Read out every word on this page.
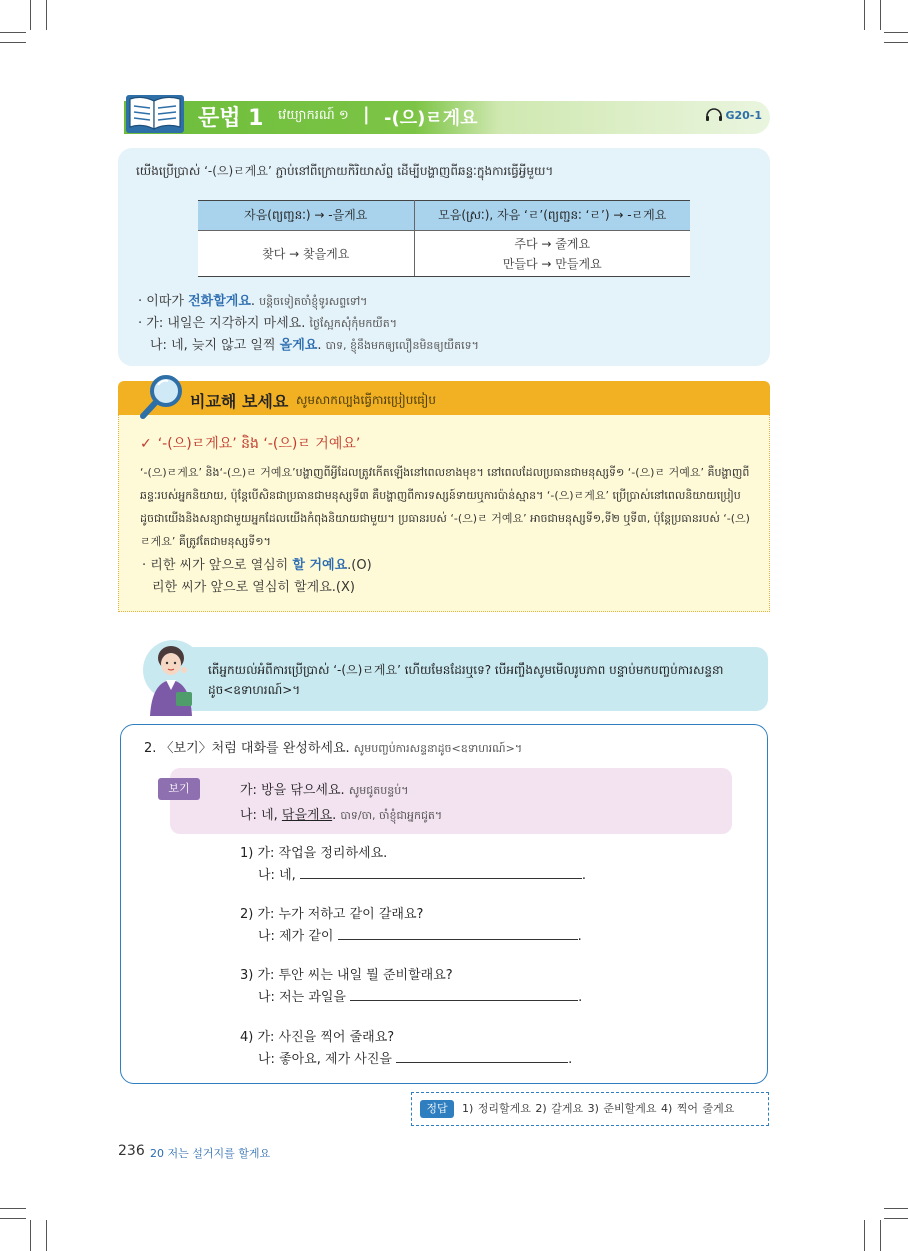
문법 1 វេយ្យាករណ៍ ១ | -(으)ㄹ게요	G20-1
យើងប្រើប្រាស់ ‘-(으)ㄹ게요’ ភ្ជាប់នៅពីក្រោយកិរិយាស័ព្ទ ដើម្បីបង្ហាញពីឆន្ទៈក្នុងការធ្វើអ្វីមួយ។
자음(ព្យញ្ជនៈ) → -을게요	모음(ស្រៈ), 자음 ‘ㄹ’(ព្យញ្ជនៈ ‘ㄹ’) → -ㄹ게요
찾다 → 찾을게요	주다 → 줄게요
만들다 → 만들게요
· 이따가 전화할게요. បន្តិចទៀតចាំខ្ញុំទូរសព្ទទៅ។
· 가: 내일은 지각하지 마세요. ថ្ងៃស្អែកសុំកុំមកយឺត។
나: 네, 늦지 않고 일찍 올게요. បាទ, ខ្ញុំនឹងមកឲ្យលឿនមិនឲ្យយឺតទេ។
비교해 보세요 សូមសាកល្បងធ្វើការប្រៀបធៀប
✓ ‘-(으)ㄹ게요’ និង ‘-(으)ㄹ 거예요’
‘-(으)ㄹ게요’ និង‘-(으)ㄹ 거예요’បង្ហាញពីអ្វីដែលត្រូវកើតឡើងនៅពេលខាងមុខ។ នៅពេលដែលប្រធានជាមនុស្សទី១ ‘-(으)ㄹ 거예요’ គឺបង្ហាញពីឆន្ទៈរបស់អ្នកនិយាយ, ប៉ុន្តែបើសិនជាប្រធានជាមនុស្សទី៣ គឺបង្ហាញពីការទស្សន៍ទាយឬការប៉ាន់ស្មាន។ ‘-(으)ㄹ게요’ ប្រើប្រាស់នៅពេលនិយាយប្រៀបដូចជាយើងនិងសន្យាជាមួយអ្នកដែលយើងកំពុងនិយាយជាមួយ។ ប្រធានរបស់ ‘-(으)ㄹ 거예요’ អាចជាមនុស្សទី១,ទី២ ឬទី៣, ប៉ុន្តែប្រធានរបស់ ‘-(으)ㄹ게요’ គឺត្រូវតែជាមនុស្សទី១។
· 리한 씨가 앞으로 열심히 할 거예요.(O)
리한 씨가 앞으로 열심히 할게요.(X)
តើអ្នកយល់អំពីការប្រើប្រាស់ ‘-(으)ㄹ게요’ ហើយមែនដែរឬទេ? បើអញ្ចឹងសូមមើលរូបភាព បន្ទាប់មកបញ្ចប់ការសន្ទនាដូច<ឧទាហរណ៍>។
2. 〈보기〉처럼 대화를 완성하세요. សូមបញ្ចប់ការសន្ទនាដូច<ឧទាហរណ៍>។
보기	가: 방을 닦으세요. សូមជូតបន្ទប់។
나: 네, 닦을게요. បាទ/ចា, ចាំខ្ញុំជាអ្នកជូត។
1) 가: 작업을 정리하세요.
나: 네,	.
2) 가: 누가 저하고 같이 갈래요?
나: 제가 같이	.
3) 가: 투안 씨는 내일 뭘 준비할래요?
나: 저는 과일을	.
4) 가: 사진을 찍어 줄래요?
나: 좋아요, 제가 사진을	.
정답	1) 정리할게요 2) 갈게요 3) 준비할게요 4) 찍어 줄게요
236 20 저는 설거지를 할게요
